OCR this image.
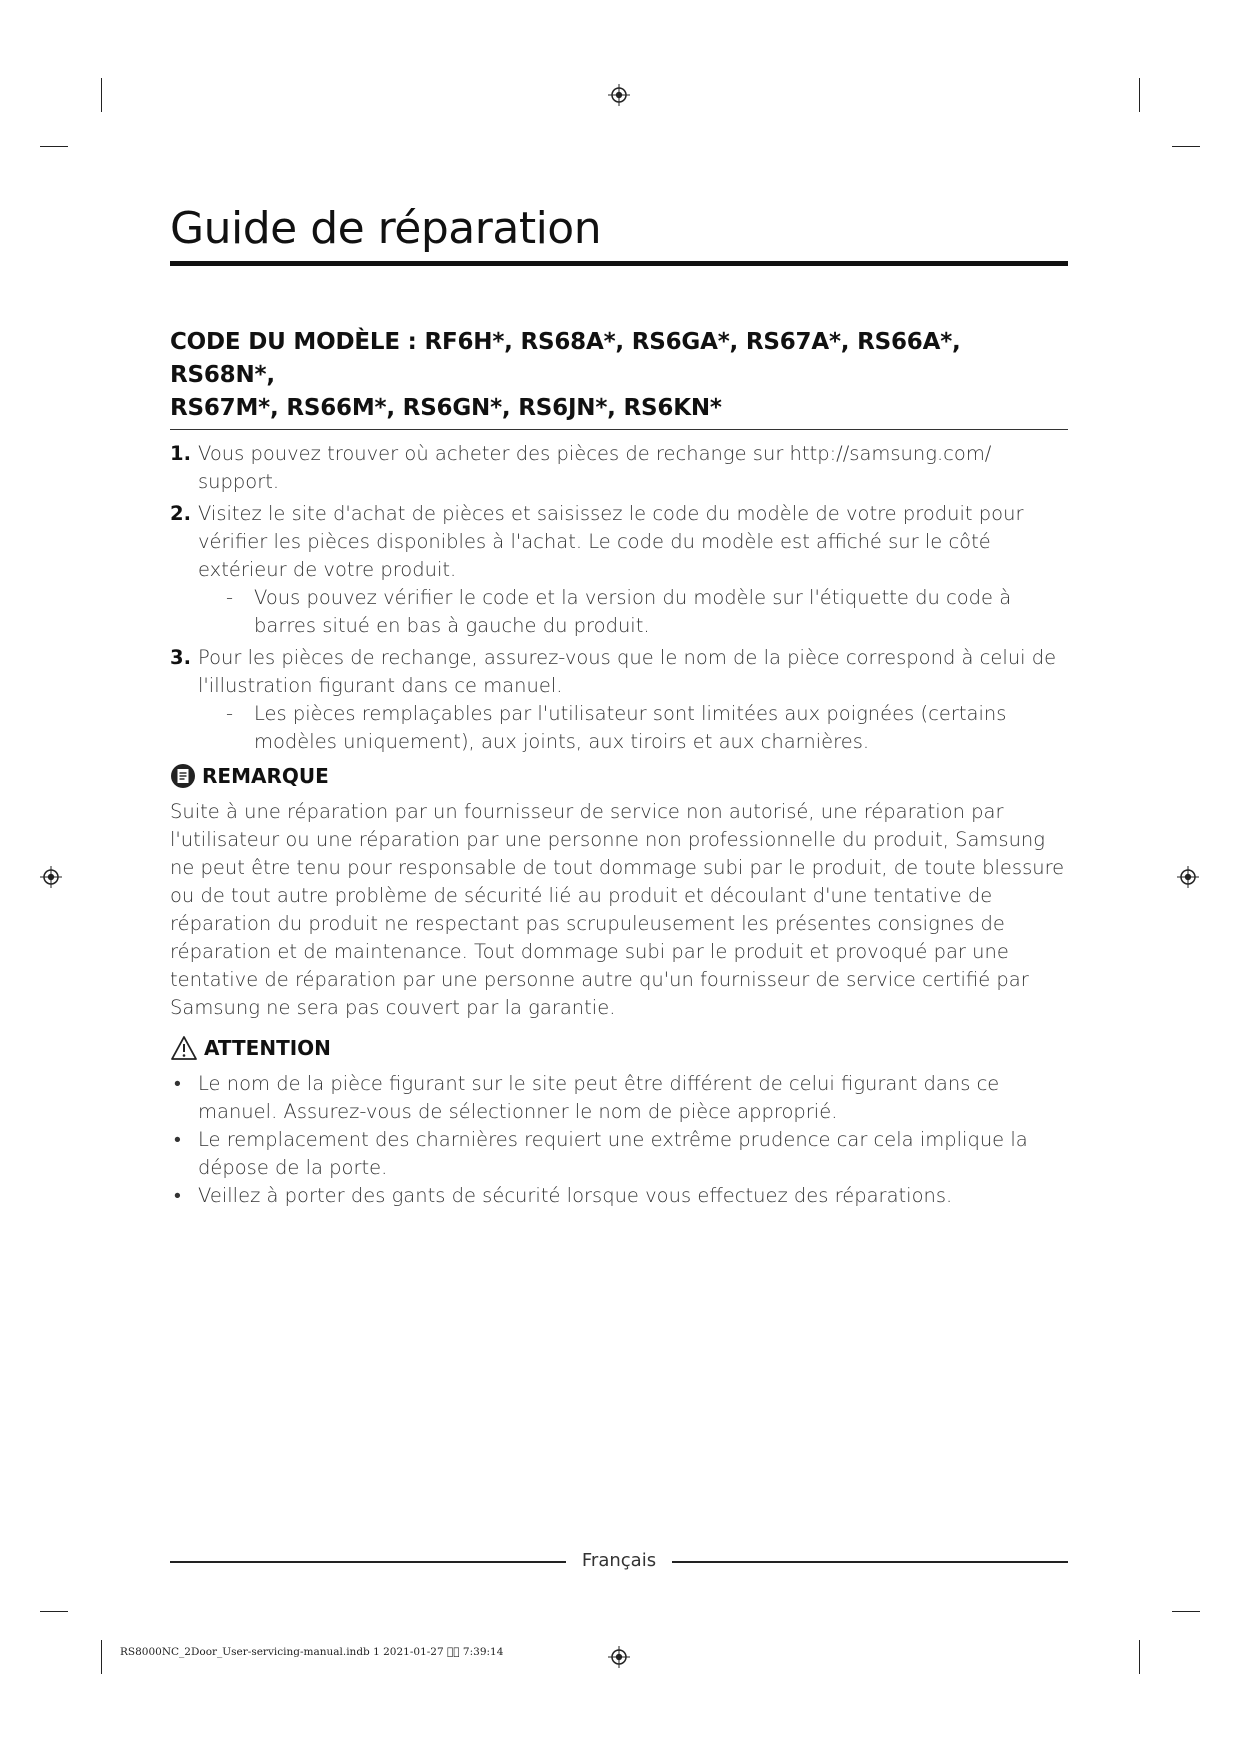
Guide de réparation
CODE DU MODÈLE : RF6H*, RS68A*, RS6GA*, RS67A*, RS66A*, RS68N*,
RS67M*, RS66M*, RS6GN*, RS6JN*, RS6KN*
1. Vous pouvez trouver où acheter des pièces de rechange sur http://samsung.com/ support.
2. Visitez le site d'achat de pièces et saisissez le code du modèle de votre produit pour vérifier les pièces disponibles à l'achat. Le code du modèle est affiché sur le côté extérieur de votre produit.
- Vous pouvez vérifier le code et la version du modèle sur l'étiquette du code à barres situé en bas à gauche du produit.
3. Pour les pièces de rechange, assurez-vous que le nom de la pièce correspond à celui de l'illustration figurant dans ce manuel.
- Les pièces remplaçables par l'utilisateur sont limitées aux poignées (certains modèles uniquement), aux joints, aux tiroirs et aux charnières.
REMARQUE
Suite à une réparation par un fournisseur de service non autorisé, une réparation par l'utilisateur ou une réparation par une personne non professionnelle du produit, Samsung ne peut être tenu pour responsable de tout dommage subi par le produit, de toute blessure ou de tout autre problème de sécurité lié au produit et découlant d'une tentative de réparation du produit ne respectant pas scrupuleusement les présentes consignes de réparation et de maintenance. Tout dommage subi par le produit et provoqué par une tentative de réparation par une personne autre qu'un fournisseur de service certifié par Samsung ne sera pas couvert par la garantie.
ATTENTION
• Le nom de la pièce figurant sur le site peut être différent de celui figurant dans ce manuel. Assurez-vous de sélectionner le nom de pièce approprié.
• Le remplacement des charnières requiert une extrême prudence car cela implique la dépose de la porte.
• Veillez à porter des gants de sécurité lorsque vous effectuez des réparations.
Français
RS8000NC_2Door_User-servicing-manual.indb 1 2021-01-27 ￿￿ 7:39:14
